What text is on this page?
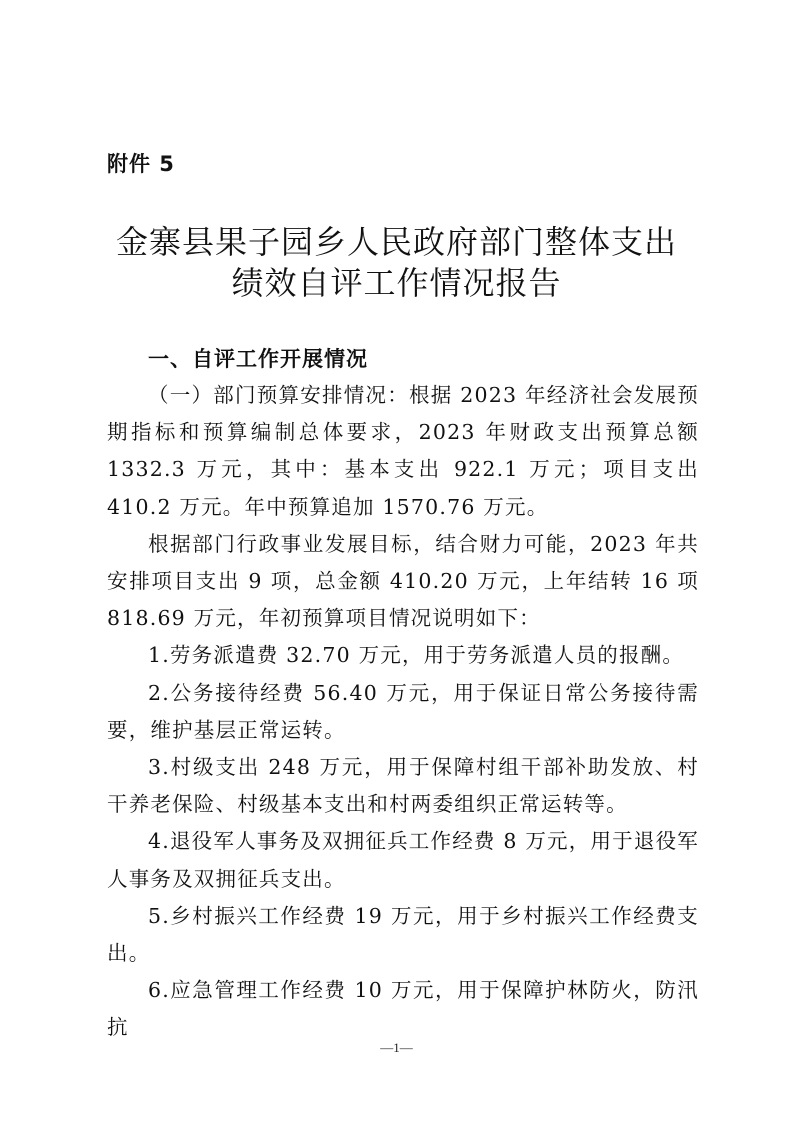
附件 5
金寨县果子园乡人民政府部门整体支出
绩效自评工作情况报告
一、自评工作开展情况

（一）部门预算安排情况：根据 2023 年经济社会发展预期指标和预算编制总体要求，2023 年财政支出预算总额 1332.3 万元，其中：基本支出 922.1 万元；项目支出 410.2 万元。年中预算追加 1570.76 万元。

根据部门行政事业发展目标，结合财力可能，2023 年共安排项目支出 9 项，总金额 410.20 万元，上年结转 16 项 818.69 万元，年初预算项目情况说明如下：

1.劳务派遣费 32.70 万元，用于劳务派遣人员的报酬。

2.公务接待经费 56.40 万元，用于保证日常公务接待需要，维护基层正常运转。

3.村级支出 248 万元，用于保障村组干部补助发放、村干养老保险、村级基本支出和村两委组织正常运转等。

4.退役军人事务及双拥征兵工作经费 8 万元，用于退役军人事务及双拥征兵支出。

5.乡村振兴工作经费 19 万元，用于乡村振兴工作经费支出。

6.应急管理工作经费 10 万元，用于保障护林防火，防汛抗

—1—
